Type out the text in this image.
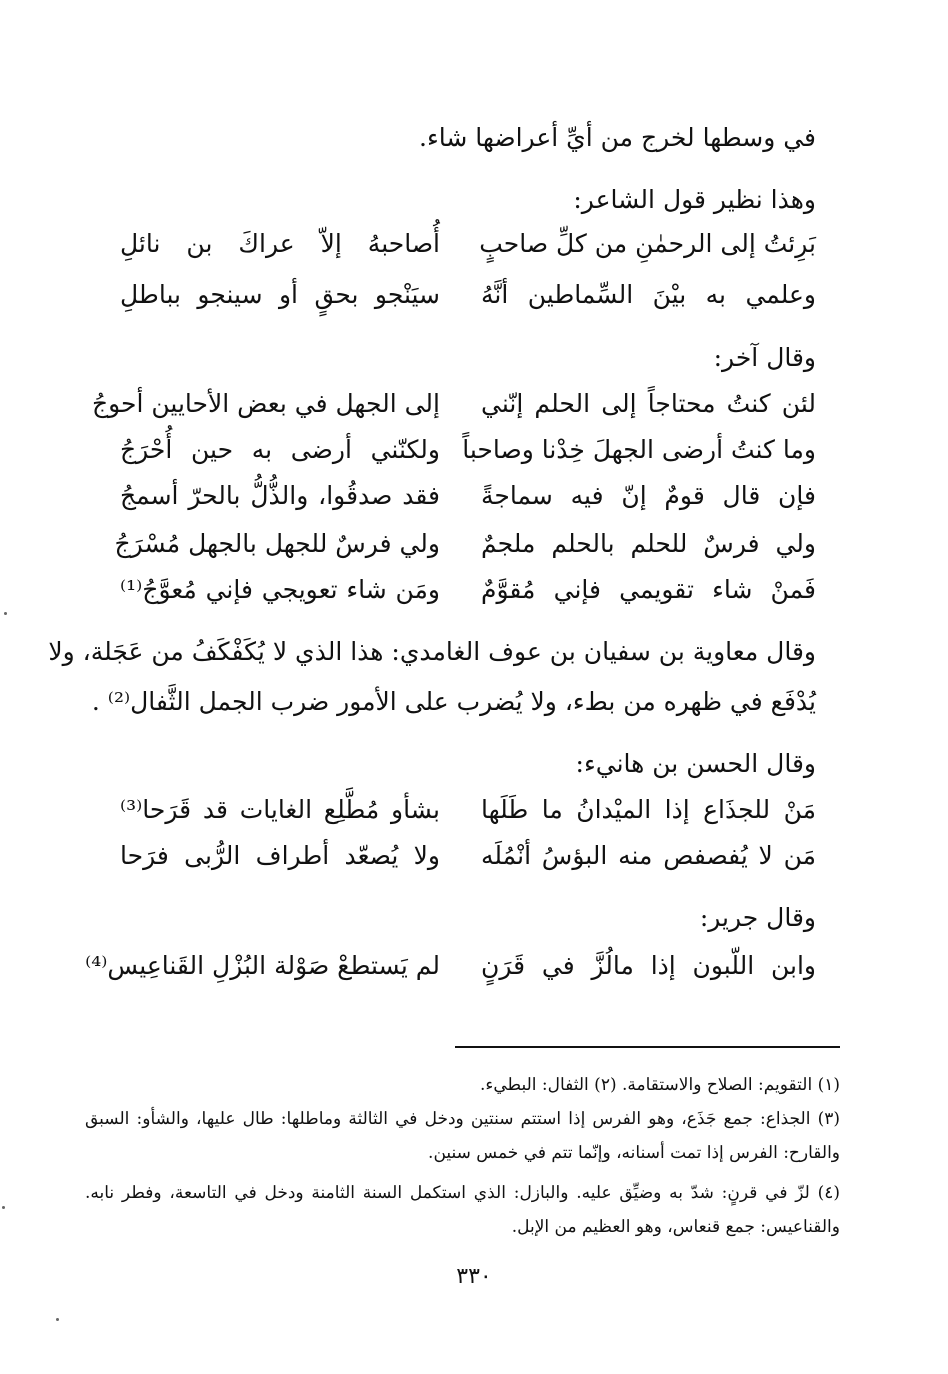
في وسطها لخرج من أيِّ أعراضها شاء.
وهذا نظير قول الشاعر:
بَرِئتُ إلى الرحمٰنِ من كلِّ صاحبٍ
أُصاحبهُ إلاّ عراكَ بن نائلِ
وعلمي به بيْنَ السِّماطين أنَّهُ
سيَنْجو بحقٍ أو سينجو بباطلِ
وقال آخر:
لئن كنتُ محتاجاً إلى الحلم إنّني
إلى الجهل في بعض الأحايين أحوجُ
وما كنتُ أرضى الجهلَ خِدْنا وصاحباً
ولكنّني أرضى به حين أُحْرَجُ
فإن قال قومٌ إنّ فيه سماجةً
فقد صدقُوا، والذُّلُّ بالحرّ أسمجُ
ولي فرسٌ للحلم بالحلم ملجمٌ
ولي فرسٌ للجهل بالجهل مُسْرَجُ
فَمنْ شاء تقويمي فإني مُقوَّمٌ
ومَن شاء تعويجي فإني مُعوَّجُ⁽¹⁾
وقال معاوية بن سفيان بن عوف الغامدي: هذا الذي لا يُكَفْكَفُ من عَجَلة، ولا
يُدْفَع في ظهره من بطء، ولا يُضرب على الأمور ضرب الجمل الثَّفال⁽²⁾ .
وقال الحسن بن هانيء:
مَنْ للجذَاع إذا الميْدانُ ما طَلَها
بشأو مُطَّلِع الغايات قد قَرَحا⁽³⁾
مَن لا يُفصفص منه البؤسُ أنْمُلَه
ولا يُصعّد أطراف الرُّبى فرَحا
وقال جرير:
وابن اللّبون إذا مالُزَّ في قَرَنٍ
لم يَستطعْ صَوْلة البُزْلِ القَناعِيس⁽⁴⁾
(١) التقويم: الصلاح والاستقامة. (٢) الثفال: البطيء.
(٣) الجذاع: جمع جَذَع، وهو الفرس إذا استتم سنتين ودخل في الثالثة وماطلها: طال عليها، والشأو: السبق
والقارح: الفرس إذا تمت أسنانه، وإنّما تتم في خمس سنين.
(٤) لزّ في قرنٍ: شدّ به وضيِّق عليه. والبازل: الذي استكمل السنة الثامنة ودخل في التاسعة، وفطر نابه.
والقناعيس: جمع قنعاس، وهو العظيم من الإبل.
٣٣٠
